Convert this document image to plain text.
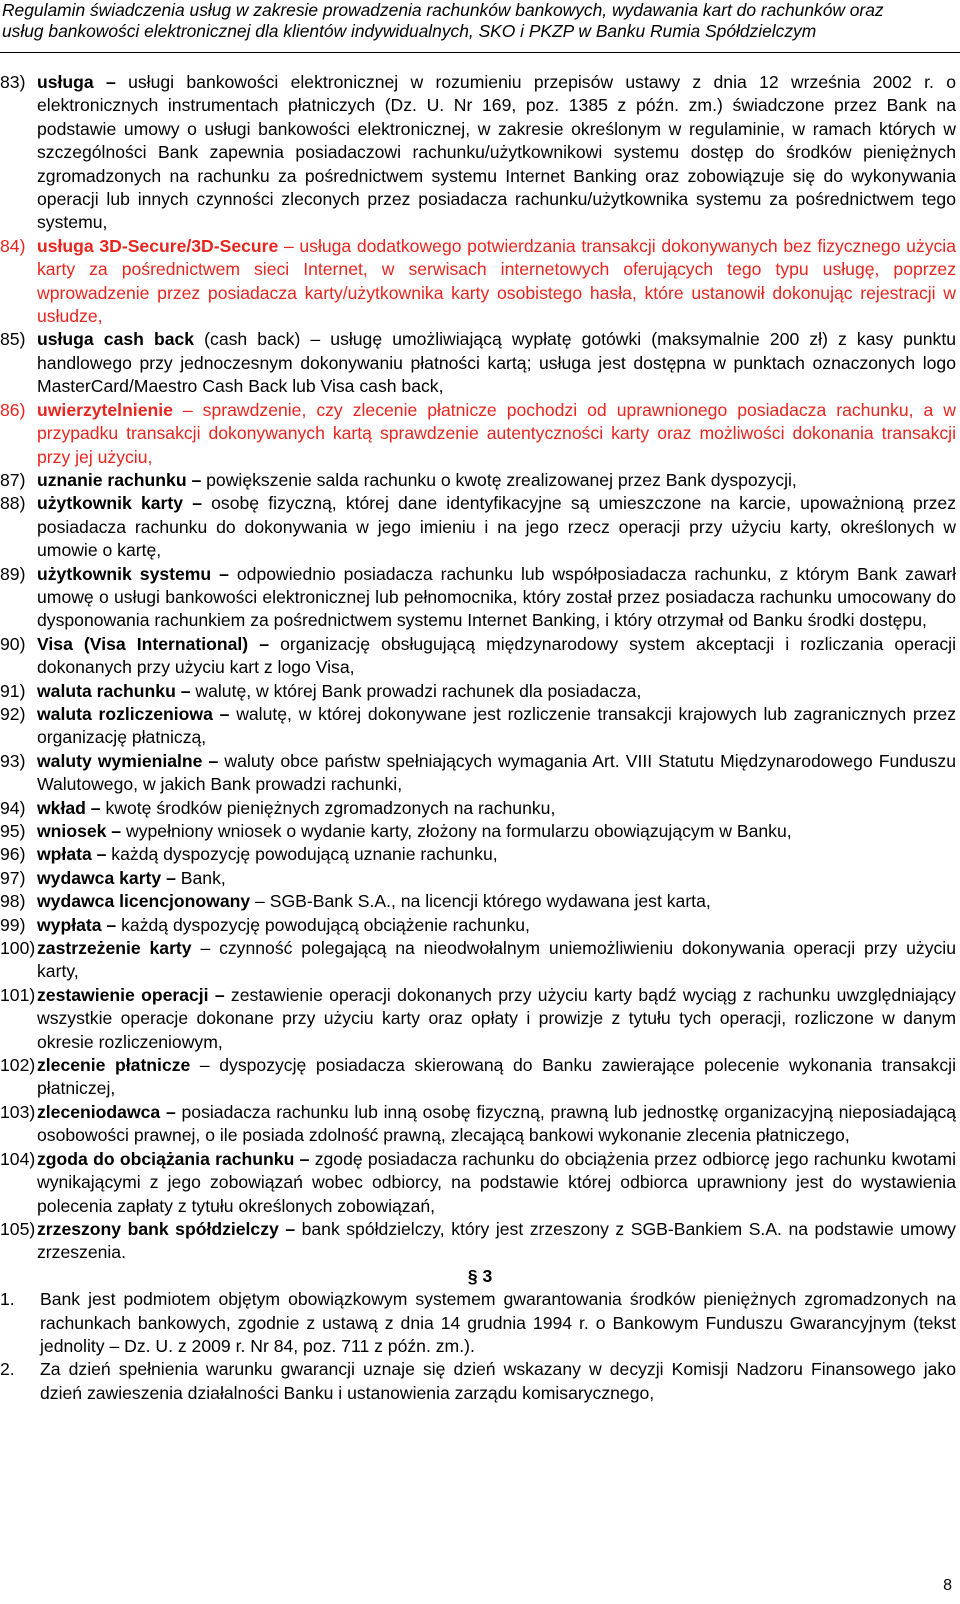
Regulamin świadczenia usług w zakresie prowadzenia rachunków bankowych, wydawania kart do rachunków oraz
usług bankowości elektronicznej dla klientów indywidualnych, SKO i PKZP w Banku Rumia Spółdzielczym
83) usługa – usługi bankowości elektronicznej w rozumieniu przepisów ustawy z dnia 12 września 2002 r. o elektronicznych instrumentach płatniczych (Dz. U. Nr 169, poz. 1385 z późn. zm.) świadczone przez Bank na podstawie umowy o usługi bankowości elektronicznej, w zakresie określonym w regulaminie, w ramach których w szczególności Bank zapewnia posiadaczowi rachunku/użytkownikowi systemu dostęp do środków pieniężnych zgromadzonych na rachunku za pośrednictwem systemu Internet Banking oraz zobowiązuje się do wykonywania operacji lub innych czynności zleconych przez posiadacza rachunku/użytkownika systemu za pośrednictwem tego systemu,
84) usługa 3D-Secure/3D-Secure – usługa dodatkowego potwierdzania transakcji dokonywanych bez fizycznego użycia karty za pośrednictwem sieci Internet, w serwisach internetowych oferujących tego typu usługę, poprzez wprowadzenie przez posiadacza karty/użytkownika karty osobistego hasła, które ustanowił dokonując rejestracji w usłudze,
85) usługa cash back (cash back) – usługę umożliwiającą wypłatę gotówki (maksymalnie 200 zł) z kasy punktu handlowego przy jednoczesnym dokonywaniu płatności kartą; usługa jest dostępna w punktach oznaczonych logo MasterCard/Maestro Cash Back lub Visa cash back,
86) uwierzytelnienie – sprawdzenie, czy zlecenie płatnicze pochodzi od uprawnionego posiadacza rachunku, a w przypadku transakcji dokonywanych kartą sprawdzenie autentyczności karty oraz możliwości dokonania transakcji przy jej użyciu,
87) uznanie rachunku – powiększenie salda rachunku o kwotę zrealizowanej przez Bank dyspozycji,
88) użytkownik karty – osobę fizyczną, której dane identyfikacyjne są umieszczone na karcie, upoważnioną przez posiadacza rachunku do dokonywania w jego imieniu i na jego rzecz operacji przy użyciu karty, określonych w umowie o kartę,
89) użytkownik systemu – odpowiednio posiadacza rachunku lub współposiadacza rachunku, z którym Bank zawarł umowę o usługi bankowości elektronicznej lub pełnomocnika, który został przez posiadacza rachunku umocowany do dysponowania rachunkiem za pośrednictwem systemu Internet Banking, i który otrzymał od Banku środki dostępu,
90) Visa (Visa International) – organizację obsługującą międzynarodowy system akceptacji i rozliczania operacji dokonanych przy użyciu kart z logo Visa,
91) waluta rachunku – walutę, w której Bank prowadzi rachunek dla posiadacza,
92) waluta rozliczeniowa – walutę, w której dokonywane jest rozliczenie transakcji krajowych lub zagranicznych przez organizację płatniczą,
93) waluty wymienialne – waluty obce państw spełniających wymagania Art. VIII Statutu Międzynarodowego Funduszu Walutowego, w jakich Bank prowadzi rachunki,
94) wkład – kwotę środków pieniężnych zgromadzonych na rachunku,
95) wniosek – wypełniony wniosek o wydanie karty, złożony na formularzu obowiązującym w Banku,
96) wpłata – każdą dyspozycję powodującą uznanie rachunku,
97) wydawca karty – Bank,
98) wydawca licencjonowany – SGB-Bank S.A., na licencji którego wydawana jest karta,
99) wypłata – każdą dyspozycję powodującą obciążenie rachunku,
100) zastrzeżenie karty – czynność polegającą na nieodwołalnym uniemożliwieniu dokonywania operacji przy użyciu karty,
101) zestawienie operacji – zestawienie operacji dokonanych przy użyciu karty bądź wyciąg z rachunku uwzględniający wszystkie operacje dokonane przy użyciu karty oraz opłaty i prowizje z tytułu tych operacji, rozliczone w danym okresie rozliczeniowym,
102) zlecenie płatnicze – dyspozycję posiadacza skierowaną do Banku zawierające polecenie wykonania transakcji płatniczej,
103) zleceniodawca – posiadacza rachunku lub inną osobę fizyczną, prawną lub jednostkę organizacyjną nieposiadającą osobowości prawnej, o ile posiada zdolność prawną, zlecającą bankowi wykonanie zlecenia płatniczego,
104) zgoda do obciążania rachunku – zgodę posiadacza rachunku do obciążenia przez odbiorcę jego rachunku kwotami wynikającymi z jego zobowiązań wobec odbiorcy, na podstawie której odbiorca uprawniony jest do wystawienia polecenia zapłaty z tytułu określonych zobowiązań,
105) zrzeszony bank spółdzielczy – bank spółdzielczy, który jest zrzeszony z SGB-Bankiem S.A. na podstawie umowy zrzeszenia.
§ 3
1. Bank jest podmiotem objętym obowiązkowym systemem gwarantowania środków pieniężnych zgromadzonych na rachunkach bankowych, zgodnie z ustawą z dnia 14 grudnia 1994 r. o Bankowym Funduszu Gwarancyjnym (tekst jednolity – Dz. U. z 2009 r. Nr 84, poz. 711 z późn. zm.).
2. Za dzień spełnienia warunku gwarancji uznaje się dzień wskazany w decyzji Komisji Nadzoru Finansowego jako dzień zawieszenia działalności Banku i ustanowienia zarządu komisarycznego,
8
